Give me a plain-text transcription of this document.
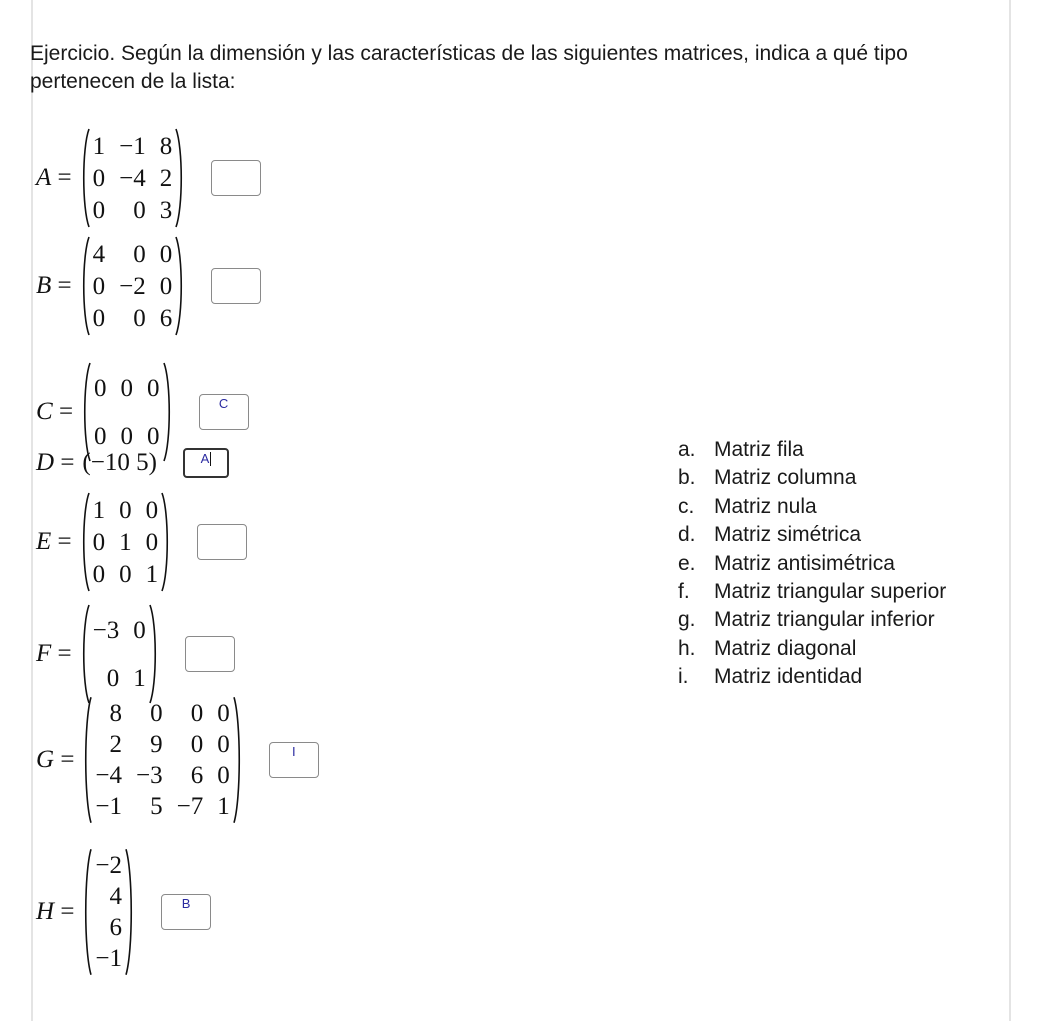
Ejercicio. Según la dimensión y las características de las siguientes matrices, indica a qué tipo pertenecen de la lista:
A =
1 −1 8
0 −4 2
0	0 3
B =
4	0 0
0 −2 0
0	0 6
C =
0 0 0
0 0 0
C
D = (−10 5)	A
E =
1 0 0
0 1 0
0 0 1
F =
−3 0
0 1
G =
8	0	0 0
2	9	0 0
−4 −3	6 0
−1	5 −7 1
I
H =
−2
4
6
−1
B
a. Matriz fila
b. Matriz columna
c. Matriz nula
d. Matriz simétrica
e. Matriz antisimétrica
f.	Matriz triangular superior
g. Matriz triangular inferior
h. Matriz diagonal
i.	Matriz identidad
